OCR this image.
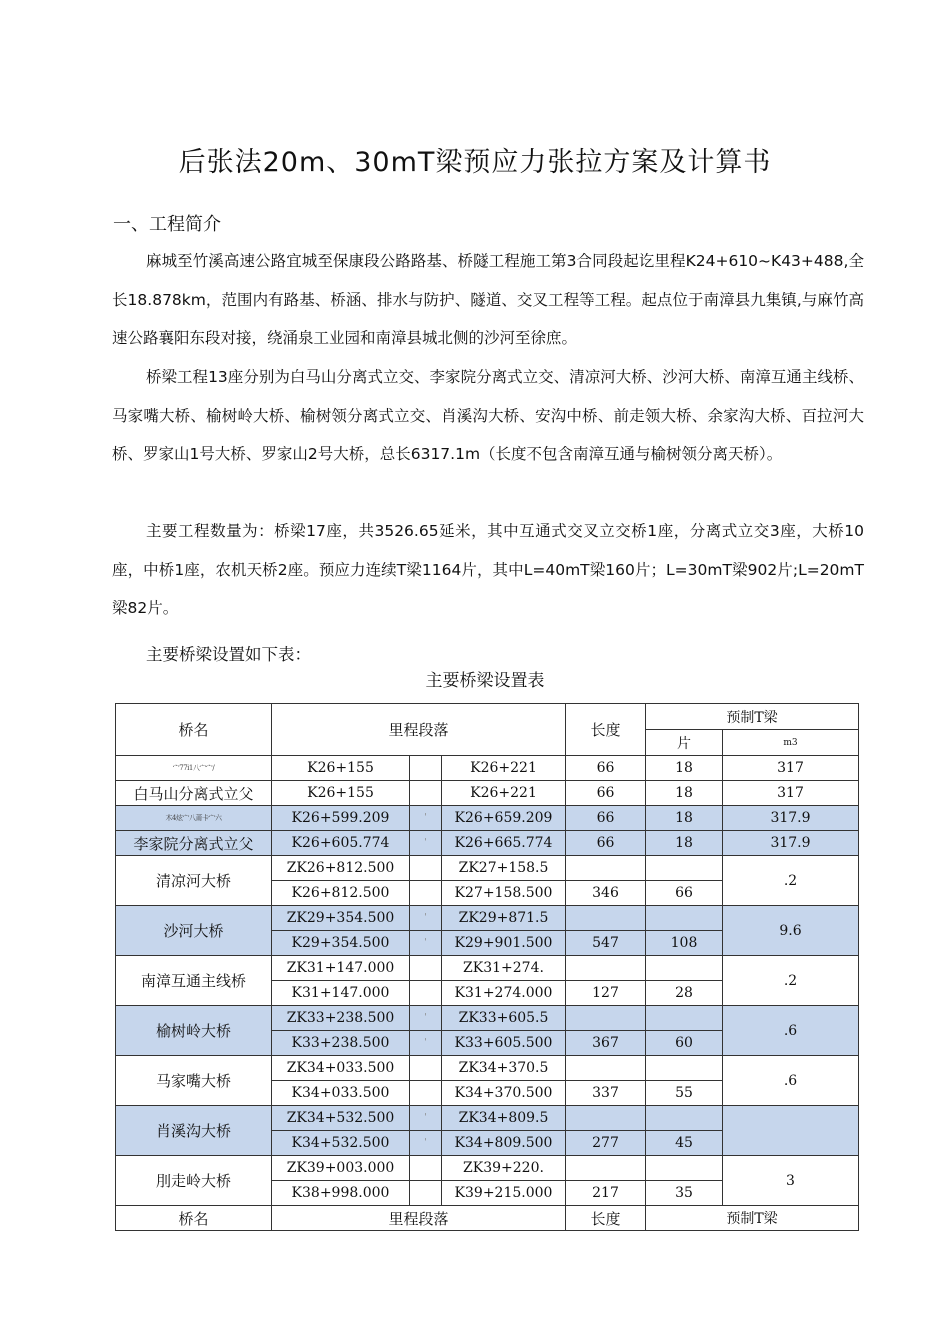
后张法20m、30mT梁预应力张拉方案及计算书
一、工程简介

麻城至竹溪高速公路宜城至保康段公路路基、桥隧工程施工第3合同段起讫里程K24+610~K43+488,全长18.878km，范围内有路基、桥涵、排水与防护、隧道、交叉工程等工程。起点位于南漳县九集镇,与麻竹高速公路襄阳东段对接，绕涌泉工业园和南漳县城北侧的沙河至徐庶。

桥梁工程13座分别为白马山分离式立交、李家院分离式立交、清凉河大桥、沙河大桥、南漳互通主线桥、马家嘴大桥、榆树岭大桥、榆树领分离式立交、肖溪沟大桥、安沟中桥、前走领大桥、余家沟大桥、百拉河大桥、罗家山1号大桥、罗家山2号大桥，总长6317.1m（长度不包含南漳互通与榆树领分离天桥）。

主要工程数量为：桥梁17座，共3526.65延米，其中互通式交叉立交桥1座，分离式立交3座，大桥10座，中桥1座，农机天桥2座。预应力连续T梁1164片，其中L=40mT梁160片；L=30mT梁902片;L=20mT梁82片。

主要桥梁设置如下表：
主要桥梁设置表
桥名	里程段落			长度	预制T梁	
					片	m3

宀77i1八宀宀/	K26+155		K26+221	66	18	317
白马山分离式立父	K26+155		K26+221	66	18	317

木4炫宀八莆卡宀六	K26+599.209	'	K26+659.209	66	18	317.9
李家院分离式立父	K26+605.774	'	K26+665.774	66	18	317.9
清凉河大桥	ZK26+812.500		ZK27+158.5			.2
	K26+812.500		K27+158.500	346	66	
沙河大桥	ZK29+354.500	'	ZK29+871.5			9.6
	K29+354.500	'	K29+901.500	547	108	
南漳互通主线桥	ZK31+147.000		ZK31+274.			.2
	K31+147.000		K31+274.000	127	28	
榆树岭大桥	ZK33+238.500	'	ZK33+605.5			.6
	K33+238.500	'	K33+605.500	367	60	
马家嘴大桥	ZK34+033.500		ZK34+370.5			.6
	K34+033.500		K34+370.500	337	55	
肖溪沟大桥	ZK34+532.500	'	ZK34+809.5			
	K34+532.500	'	K34+809.500	277	45	
刖走岭大桥	ZK39+003.000		ZK39+220.			3
	K38+998.000		K39+215.000	217	35	
桥名	里程段落			长度	预制T梁	
